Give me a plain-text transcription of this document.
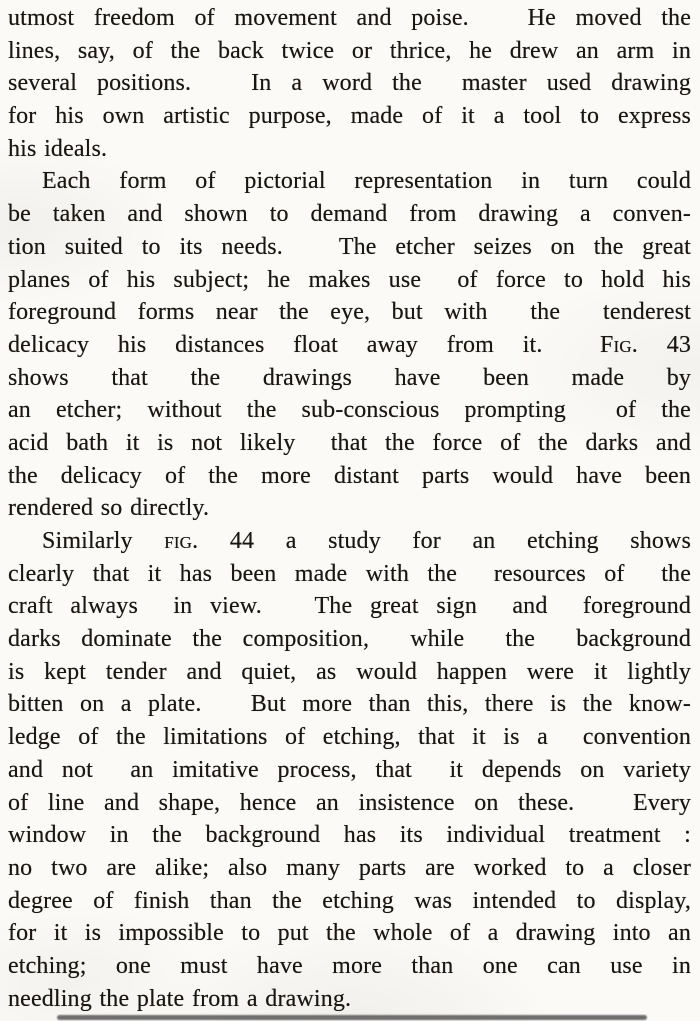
utmost freedom of movement and poise.   He moved the
lines, say, of the back twice or thrice, he drew an arm in
several positions.   In a word the  master used drawing
for his own artistic purpose, made of it a tool to express
his ideals.
Each form of pictorial representation in turn could
be taken and shown to demand from drawing a conven-
tion suited to its needs.   The etcher seizes on the great
planes of his subject; he makes use  of force to hold his
foreground forms near the eye, but with  the  tenderest
delicacy his distances float away from it.  Fig. 43
shows that the drawings have been made by
an etcher; without the sub-conscious prompting  of the
acid bath it is not likely  that the force of the darks and
the delicacy of the more distant parts would have been
rendered so directly.
Similarly fig. 44 a study for an etching shows
clearly that it has been made with the  resources of  the
craft always  in view.   The great sign  and  foreground
darks dominate the composition,  while  the  background
is kept tender and quiet, as would happen were it lightly
bitten on a plate.   But more than this, there is the know-
ledge of the limitations of etching, that it is a  convention
and not  an imitative process, that  it depends on variety
of line and shape, hence an insistence on these.   Every
window in the background has its individual treatment :
no two are alike; also many parts are worked to a closer
degree of finish than the etching was intended to display,
for it is impossible to put the whole of a drawing into an
etching; one must have more than one can use in
needling the plate from a drawing.
